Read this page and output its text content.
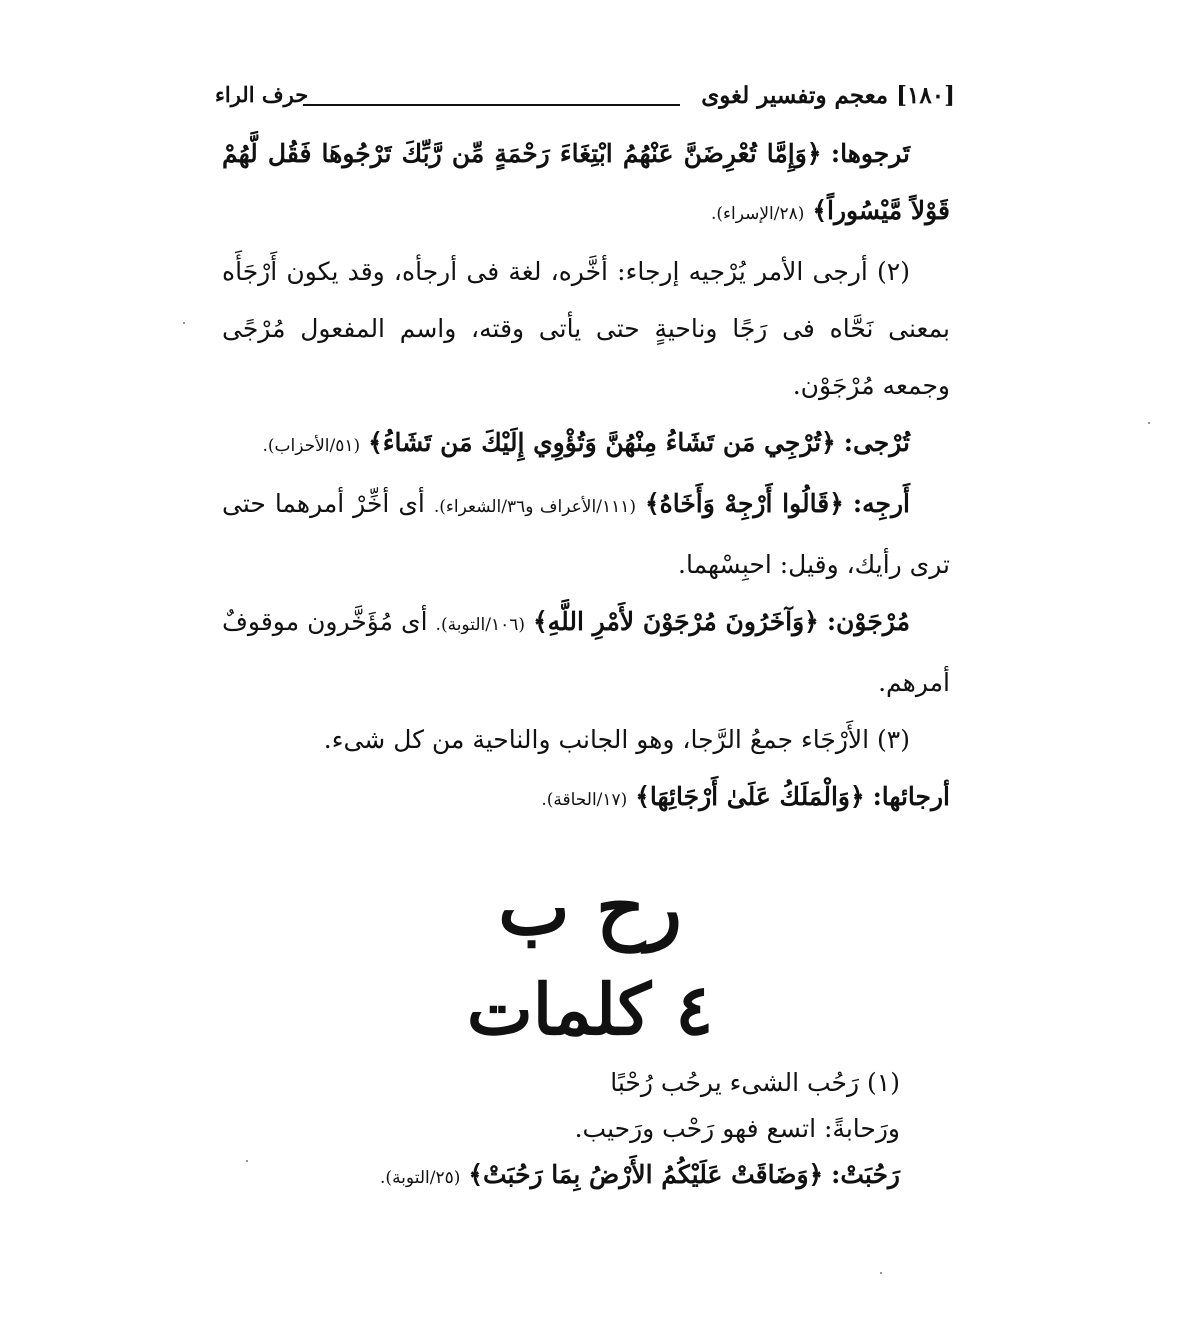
[١٨٠] معجم وتفسير لغوى
حرف الراء

تَرجوها: ﴿وَإِمَّا تُعْرِضَنَّ عَنْهُمُ ابْتِغَاءَ رَحْمَةٍ مِّن رَّبِّكَ تَرْجُوهَا فَقُل لَّهُمْ قَوْلاً مَّيْسُوراً﴾ (٢٨/الإسراء).

(٢) أرجى الأمر يُرْجيه إرجاء: أخَّره، لغة فى أرجأه، وقد يكون أَرْجَأَه بمعنى نَحَّاه فى رَجًا وناحيةٍ حتى يأتى وقته، واسم المفعول مُرْجًى وجمعه مُرْجَوْن.

تُرْجى: ﴿تُرْجِي مَن تَشَاءُ مِنْهُنَّ وَتُؤْوِي إِلَيْكَ مَن تَشَاءُ﴾ (٥١/الأحزاب).

أَرجِه: ﴿قَالُوا أَرْجِهْ وَأَخَاهُ﴾ (١١١/الأعراف و٣٦/الشعراء). أى أخِّرْ أمرهما حتى ترى رأيك، وقيل: احبِسْهما.

مُرْجَوْن: ﴿وَآخَرُونَ مُرْجَوْنَ لأَمْرِ اللَّهِ﴾ (١٠٦/التوبة). أى مُؤَخَّرون موقوفٌ أمرهم.

(٣) الأَرْجَاء جمعُ الرَّجا، وهو الجانب والناحية من كل شىء.

أرجائها: ﴿وَالْمَلَكُ عَلَىٰ أَرْجَائِهَا﴾ (١٧/الحاقة).

رح ب
٤ كلمات

(١) رَحُب الشىء يرحُب رُحْبًا

ورَحابةً: اتسع فهو رَحْب ورَحيب.

رَحُبَتْ: ﴿وَضَاقَتْ عَلَيْكُمُ الأَرْضُ بِمَا رَحُبَتْ﴾ (٢٥/التوبة).
